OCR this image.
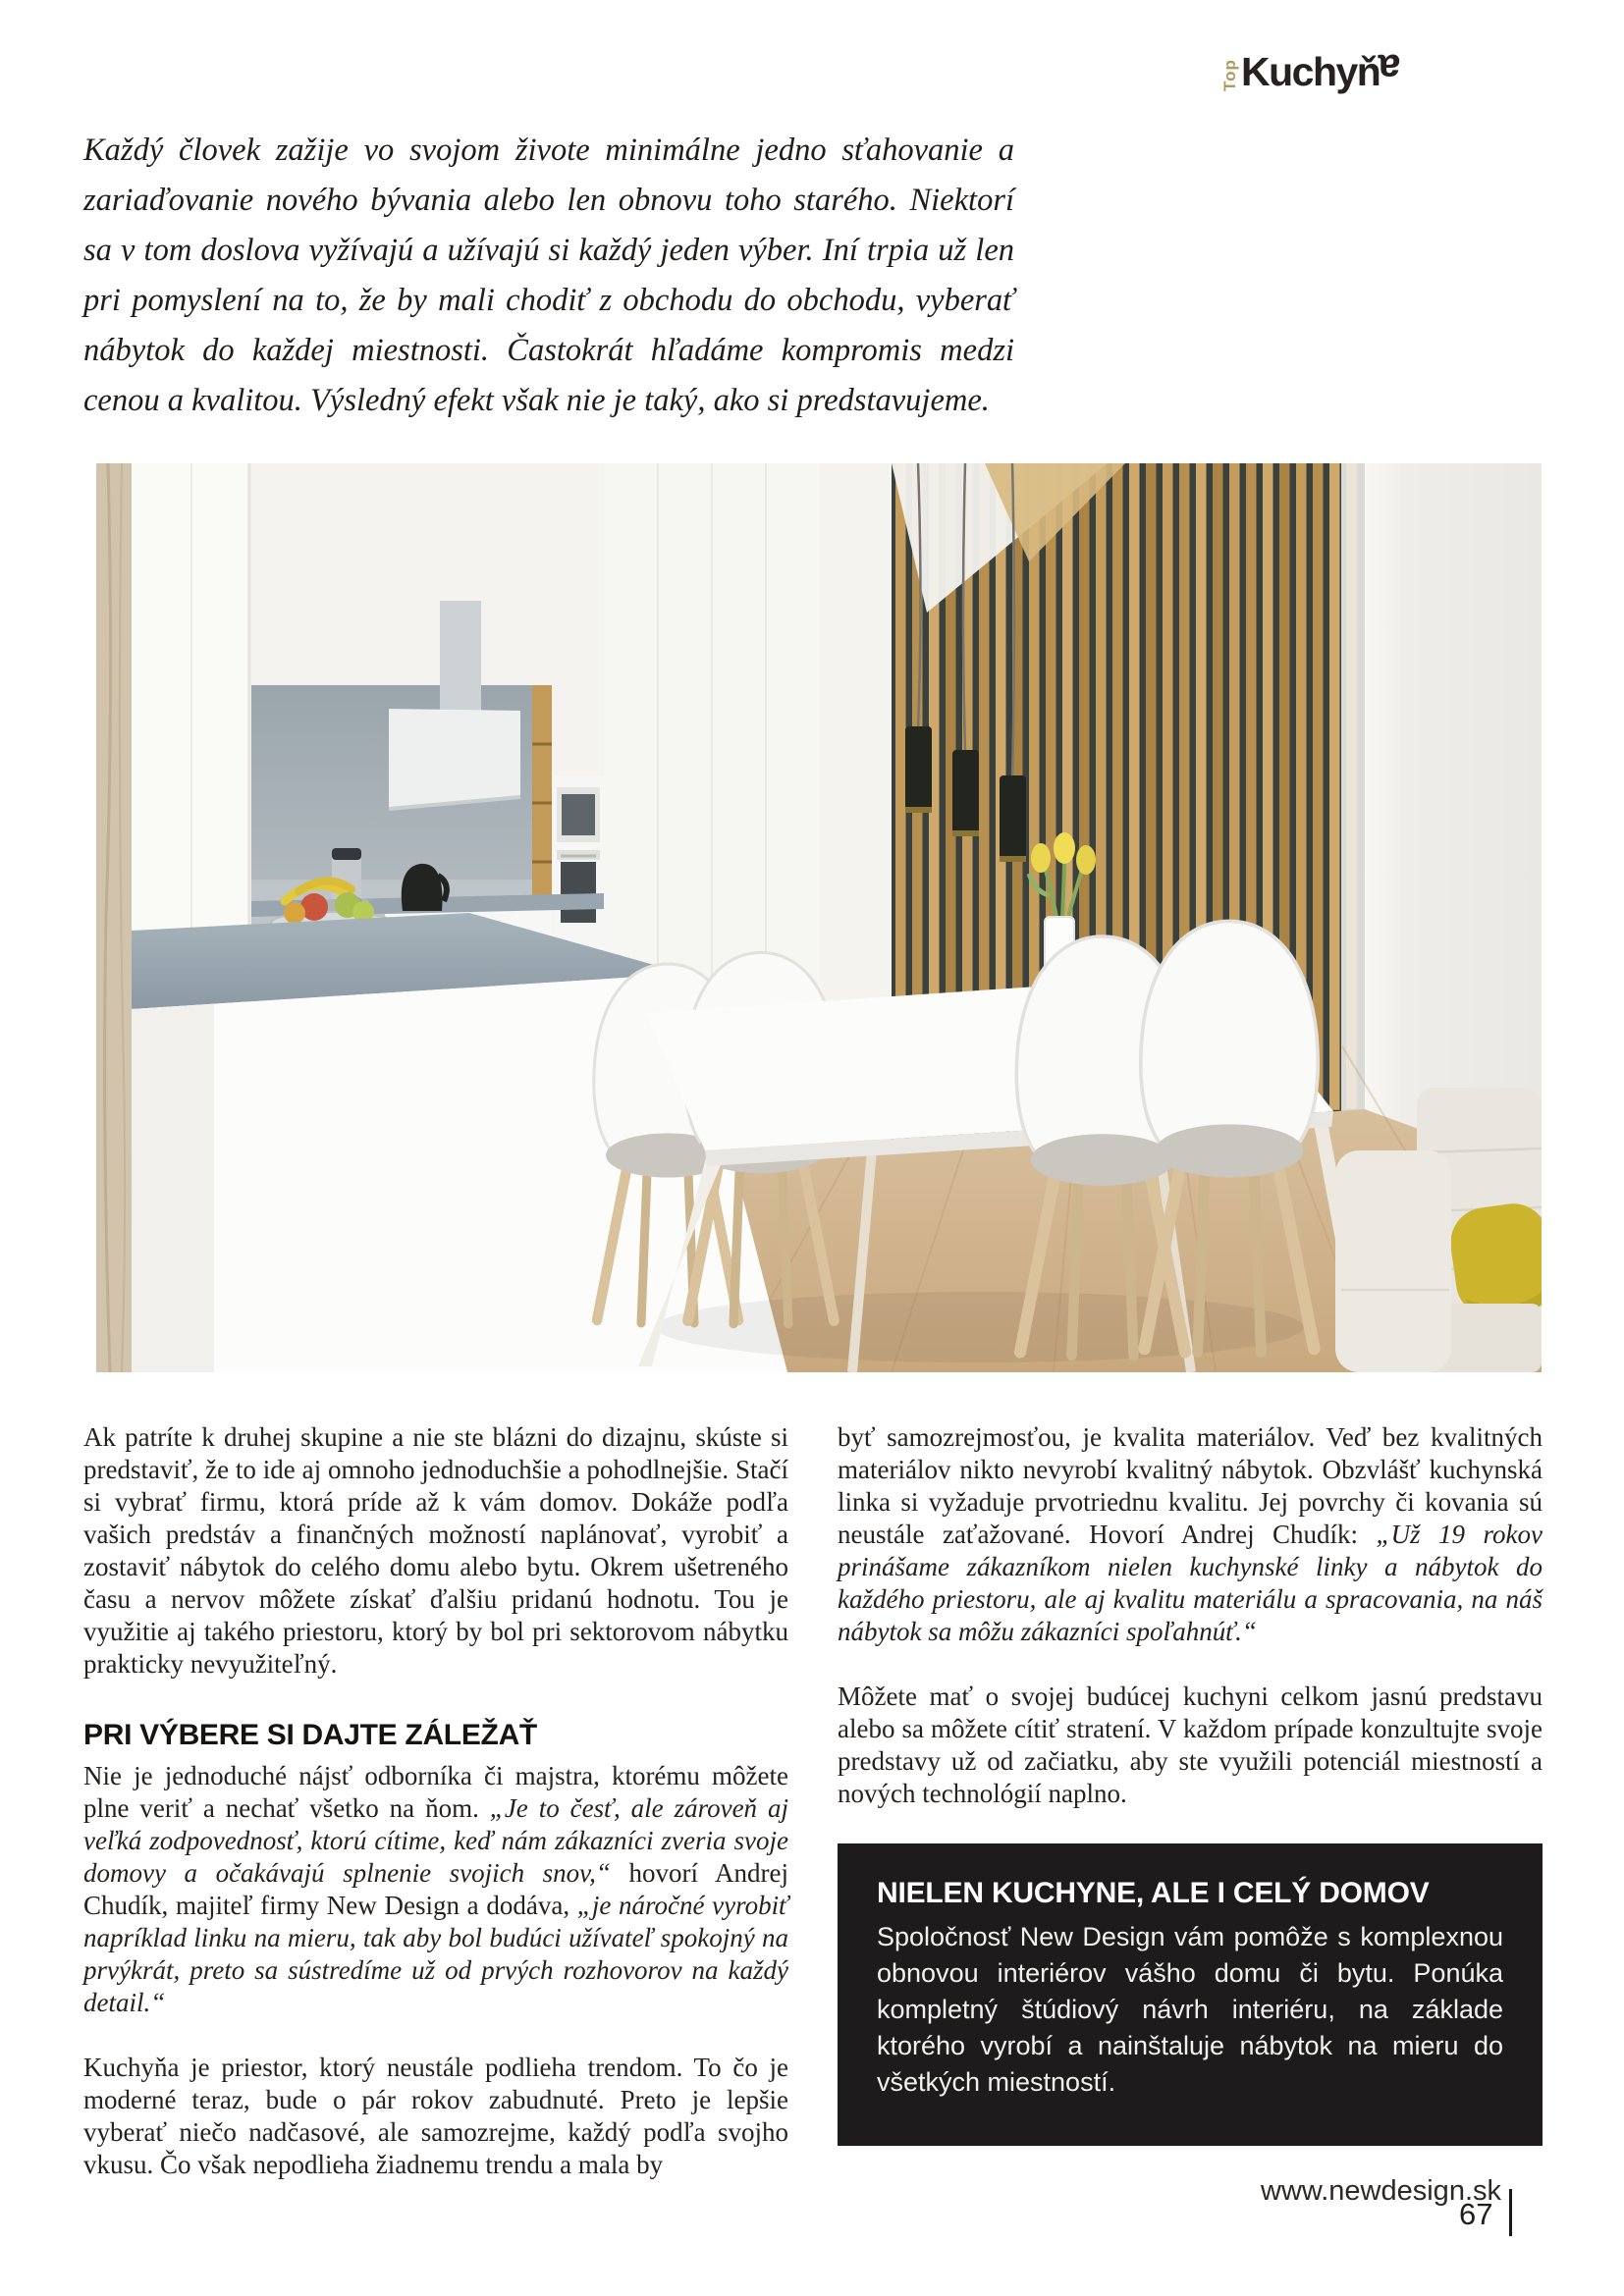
Top Kuchyňa
Každý človek zažije vo svojom živote minimálne jedno sťahovanie a zariaďovanie nového bývania alebo len obnovu toho starého. Niektorí sa v tom doslova vyžívajú a užívajú si každý jeden výber. Iní trpia už len pri pomyslení na to, že by mali chodiť z obchodu do obchodu, vyberať nábytok do každej miestnosti. Častokrát hľadáme kompromis medzi cenou a kvalitou. Výsledný efekt však nie je taký, ako si predstavujeme.

Ak patríte k druhej skupine a nie ste blázni do dizajnu, skúste si predstaviť, že to ide aj omnoho jednoduchšie a pohodlnejšie. Stačí si vybrať firmu, ktorá príde až k vám domov. Dokáže podľa vašich predstáv a finančných možností naplánovať, vyrobiť a zostaviť nábytok do celého domu alebo bytu. Okrem ušetreného času a nervov môžete získať ďalšiu pridanú hodnotu. Tou je využitie aj takého priestoru, ktorý by bol pri sektorovom nábytku prakticky nevyužiteľný.

PRI VÝBERE SI DAJTE ZÁLEŽAŤ

Nie je jednoduché nájsť odborníka či majstra, ktorému môžete plne veriť a nechať všetko na ňom. „Je to česť, ale zároveň aj veľká zodpovednosť, ktorú cítime, keď nám zákazníci zveria svoje domovy a očakávajú splnenie svojich snov,“ hovorí Andrej Chudík, majiteľ firmy New Design a dodáva, „je náročné vyrobiť napríklad linku na mieru, tak aby bol budúci užívateľ spokojný na prvýkrát, preto sa sústredíme už od prvých rozhovorov na každý detail.“

Kuchyňa je priestor, ktorý neustále podlieha trendom. To čo je moderné teraz, bude o pár rokov zabudnuté. Preto je lepšie vyberať niečo nadčasové, ale samozrejme, každý podľa svojho vkusu. Čo však nepodlieha žiadnemu trendu a mala by

byť samozrejmosťou, je kvalita materiálov. Veď bez kvalitných materiálov nikto nevyrobí kvalitný nábytok. Obzvlášť kuchynská linka si vyžaduje prvotriednu kvalitu. Jej povrchy či kovania sú neustále zaťažované. Hovorí Andrej Chudík: „Už 19 rokov prinášame zákazníkom nielen kuchynské linky a nábytok do každého priestoru, ale aj kvalitu materiálu a spracovania, na náš nábytok sa môžu zákazníci spoľahnúť.“

Môžete mať o svojej budúcej kuchyni celkom jasnú predstavu alebo sa môžete cítiť stratení. V každom prípade konzultujte svoje predstavy už od začiatku, aby ste využili potenciál miestností a nových technológií naplno.

NIELEN KUCHYNE, ALE I CELÝ DOMOV

Spoločnosť New Design vám pomôže s komplexnou obnovou interiérov vášho domu či bytu. Ponúka kompletný štúdiový návrh interiéru, na základe ktorého vyrobí a nainštaluje nábytok na mieru do všetkých miestností.

www.newdesign.sk
67
